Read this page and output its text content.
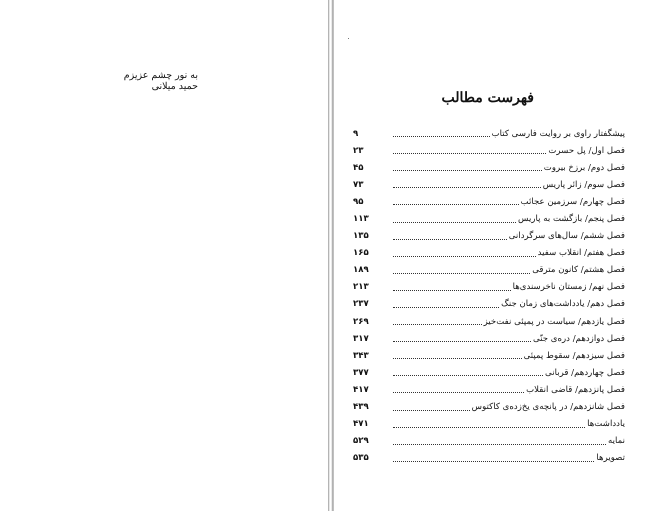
به نور چشم عزیزم
حمید میلانی
فهرست مطالب
پیشگفتار راوی بر روایت فارسی کتاب
۹
فصل اول/ پل حسرت
۲۳
فصل دوم/ برزخ بیروت
۴۵
فصل سوم/ زائر پاریس
۷۳
فصل چهارم/ سرزمین عجائب
۹۵
فصل پنجم/ بازگشت به پاریس
۱۱۳
فصل ششم/ سال‌های سرگردانی
۱۳۵
فصل هفتم/ انقلاب سفید
۱۶۵
فصل هشتم/ کانون مترقی
۱۸۹
فصل نهم/ زمستان ناخرسندی‌ها
۲۱۳
فصل دهم/ یادداشت‌های زمان جنگ
۲۳۷
فصل یازدهم/ سیاست در پمپئی نفت‌خیز
۲۶۹
فصل دوازدهم/ دره‌ی جنّی
۳۱۷
فصل سیزدهم/ سقوط پمپئی
۳۴۳
فصل چهاردهم/ قربانی
۳۷۷
فصل پانزدهم/ قاضی انقلاب
۴۱۷
فصل شانزدهم/ در پانچه‌ی یخ‌زده‌ی کاکتوس
۴۳۹
یادداشت‌ها
۴۷۱
نمایه
۵۲۹
تصویرها
۵۳۵
